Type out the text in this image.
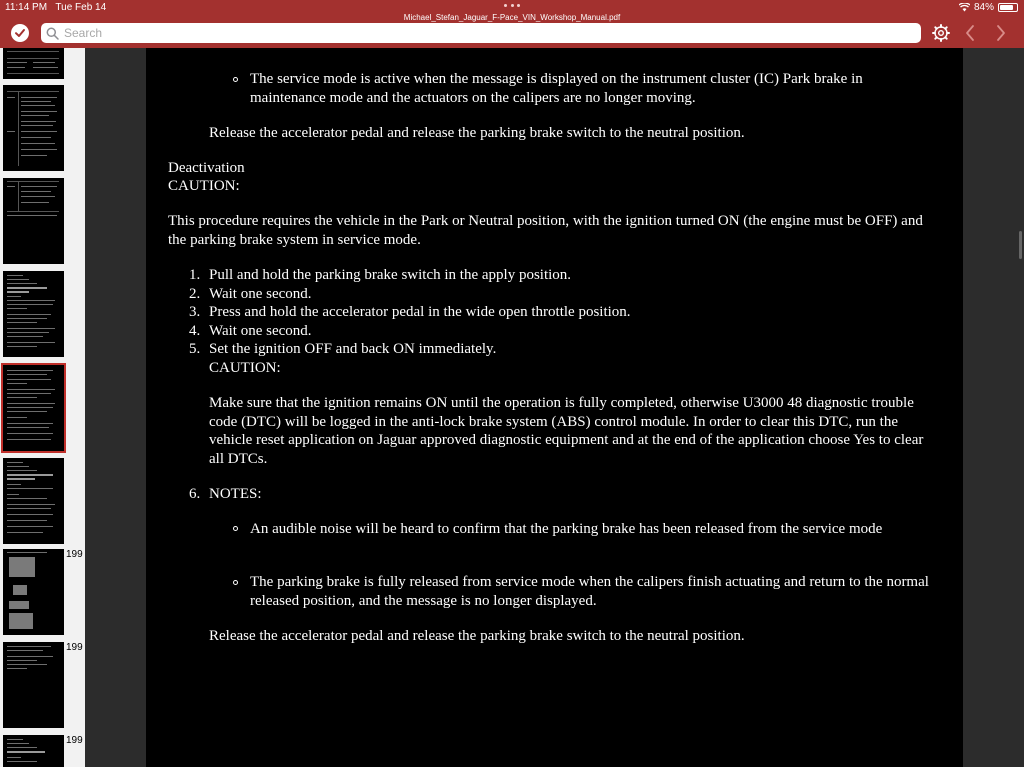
11:14 PM Tue Feb 14
Michael_Stefan_Jaguar_F-Pace_VIN_Workshop_Manual.pdf
84%
Search
199
199
199

The service mode is active when the message is displayed on the instrument cluster (IC) Park brake in maintenance mode and the actuators on the calipers are no longer moving.

Release the accelerator pedal and release the parking brake switch to the neutral position.

Deactivation

CAUTION:

This procedure requires the vehicle in the Park or Neutral position, with the ignition turned ON (the engine must be OFF) and the parking brake system in service mode.

1. Pull and hold the parking brake switch in the apply position.

2. Wait one second.

3. Press and hold the accelerator pedal in the wide open throttle position.

4. Wait one second.

5. Set the ignition OFF and back ON immediately.

CAUTION:

Make sure that the ignition remains ON until the operation is fully completed, otherwise U3000 48 diagnostic trouble code (DTC) will be logged in the anti-lock brake system (ABS) control module. In order to clear this DTC, run the vehicle reset application on Jaguar approved diagnostic equipment and at the end of the application choose Yes to clear all DTCs.

6. NOTES:

An audible noise will be heard to confirm that the parking brake has been released from the service mode

The parking brake is fully released from service mode when the calipers finish actuating and return to the normal released position, and the message is no longer displayed.

Release the accelerator pedal and release the parking brake switch to the neutral position.
